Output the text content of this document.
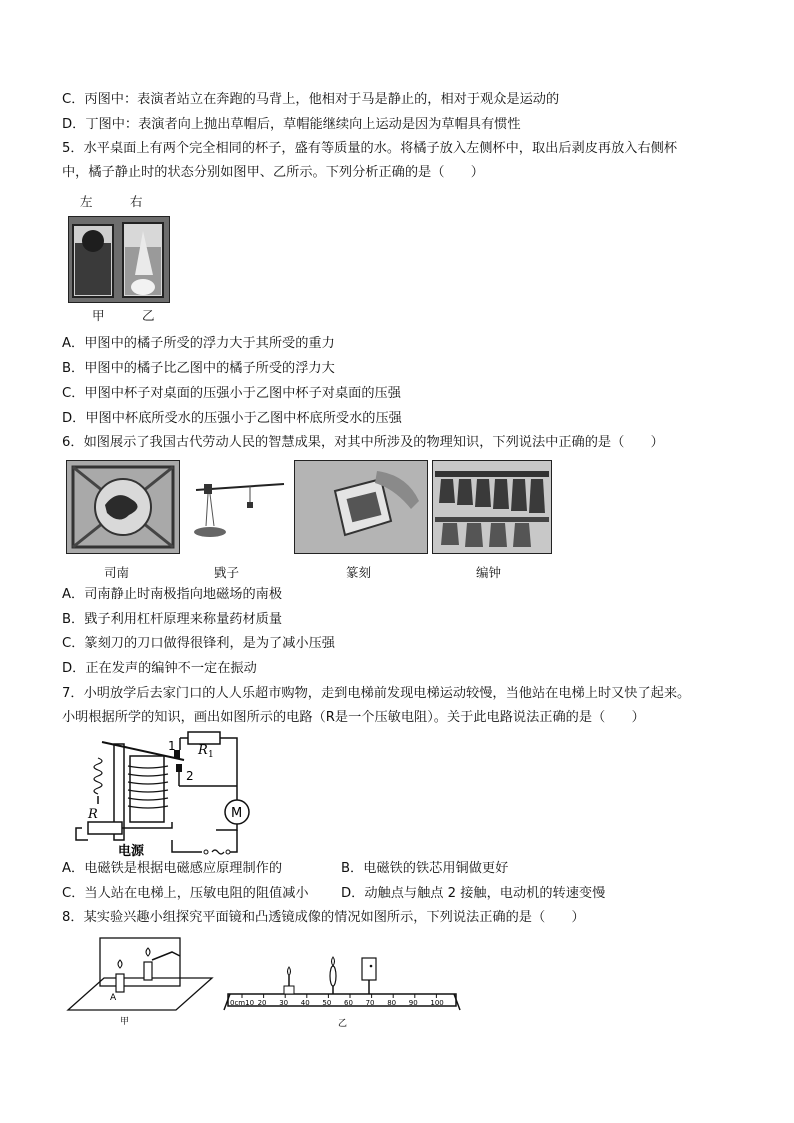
C．丙图中：表演者站立在奔跑的马背上，他相对于马是静止的，相对于观众是运动的
D．丁图中：表演者向上抛出草帽后，草帽能继续向上运动是因为草帽具有惯性
5．水平桌面上有两个完全相同的杯子，盛有等质量的水。将橘子放入左侧杯中，取出后剥皮再放入右侧杯
中，橘子静止时的状态分别如图甲、乙所示。下列分析正确的是（　　）
左	右
甲	乙
A．甲图中的橘子所受的浮力大于其所受的重力
B．甲图中的橘子比乙图中的橘子所受的浮力大
C．甲图中杯子对桌面的压强小于乙图中杯子对桌面的压强
D．甲图中杯底所受水的压强小于乙图中杯底所受水的压强
6．如图展示了我国古代劳动人民的智慧成果，对其中所涉及的物理知识，下列说法中正确的是（　　）
司南	戥子	篆刻	编钟
A．司南静止时南极指向地磁场的南极
B．戥子利用杠杆原理来称量药材质量
C．篆刻刀的刀口做得很锋利，是为了减小压强
D．正在发声的编钟不一定在振动
7．小明放学后去家门口的人人乐超市购物，走到电梯前发现电梯运动较慢，当他站在电梯上时又快了起来。
小明根据所学的知识，画出如图所示的电路（R是一个压敏电阻）。关于此电路说法正确的是（　　）
M
1
2
R 1
R
电源
A．电磁铁是根据电磁感应原理制作的	B．电磁铁的铁芯用铜做更好
C．当人站在电梯上，压敏电阻的阻值减小 D．动触点与触点 2 接触，电动机的转速变慢
8．某实验兴趣小组探究平面镜和凸透镜成像的情况如图所示，下列说法正确的是（　　）
A
甲
0cm10 20 30 40 50 60 70 80 90 100
乙
